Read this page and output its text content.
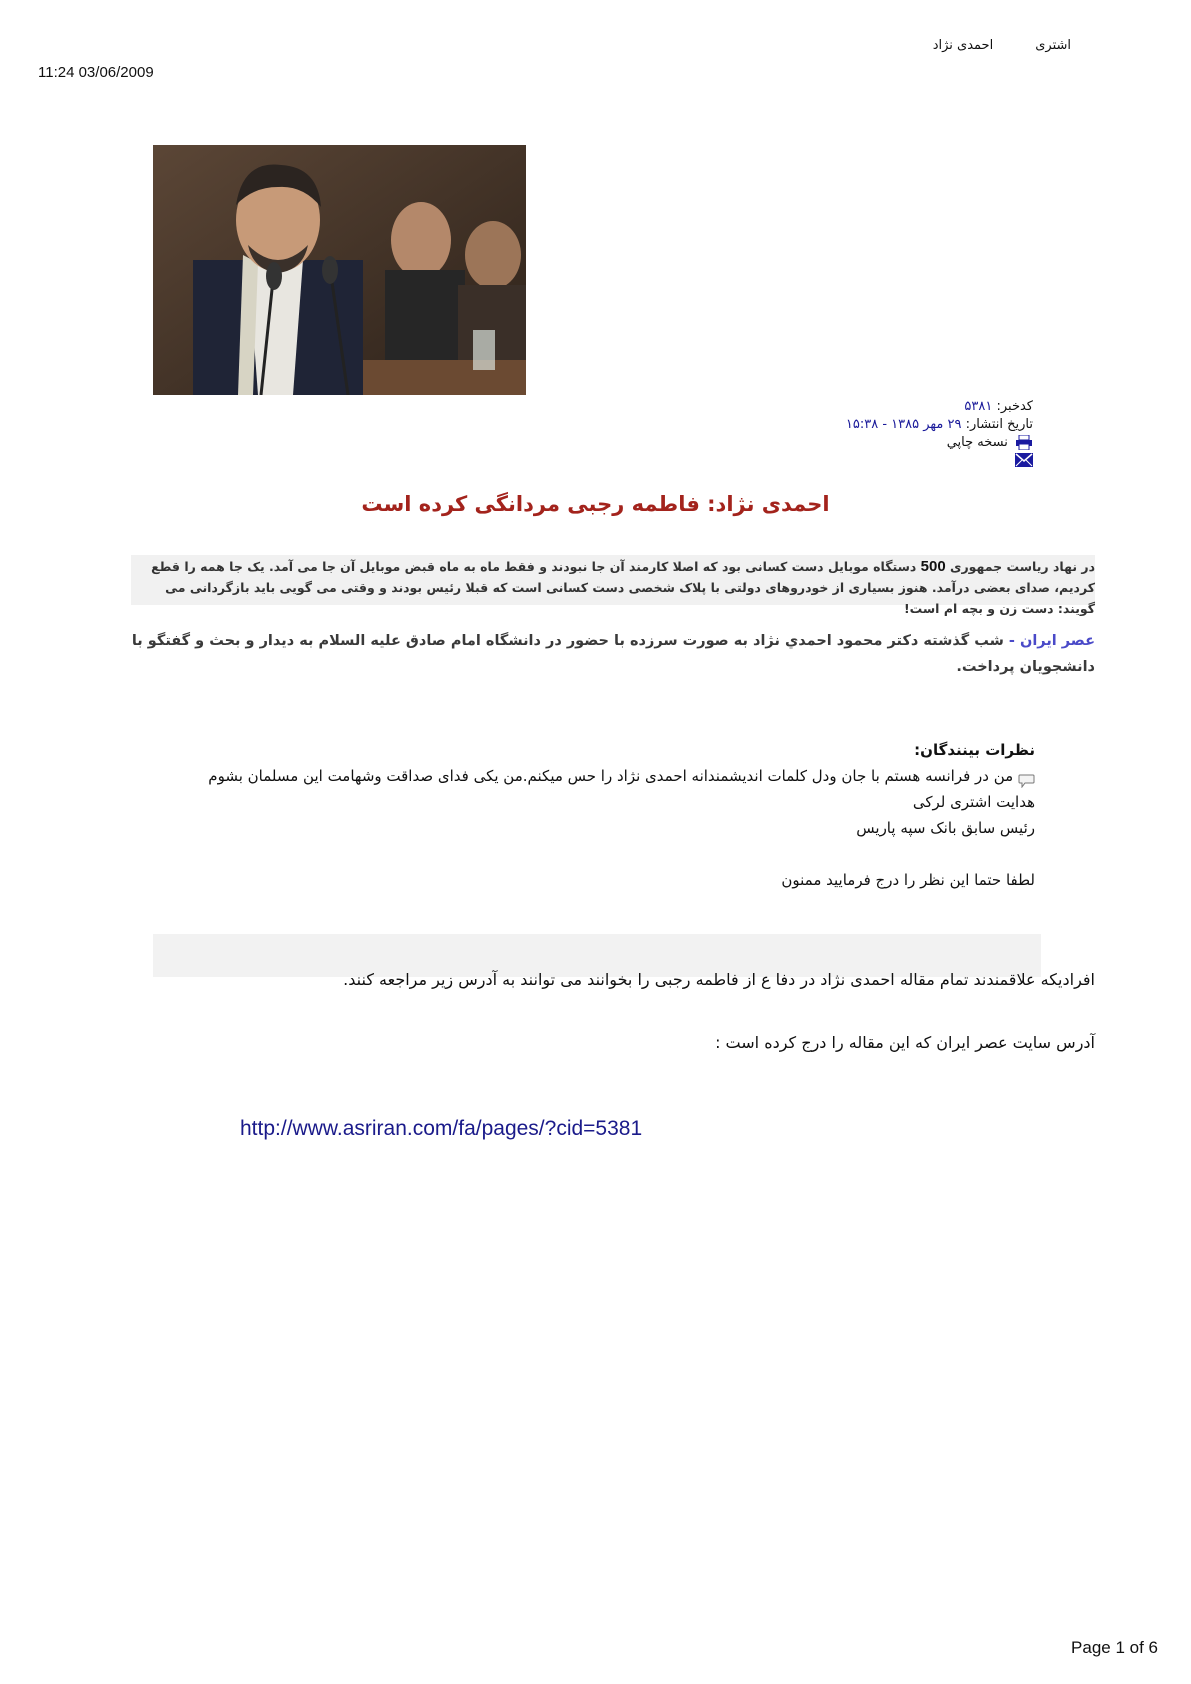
اشتری
احمدی نژاد
11:24 03/06/2009
کدخبر: ۵۳۸۱
تاریخ انتشار: ۲۹ مهر ۱۳۸۵ - ۱۵:۳۸
نسخه چاپي
احمدی نژاد: فاطمه رجبی مردانگی کرده است
در نهاد ریاست جمهوری 500 دستگاه موبایل دست کسانی بود که اصلا کارمند آن جا نبودند و فقط ماه به ماه قبض موبایل آن جا می آمد. یک جا همه را قطع کردیم، صدای بعضی درآمد. هنوز بسیاری از خودروهای دولتی با پلاک شخصی دست کسانی است که قبلا رئیس بودند و وقتی می گویی باید بازگردانی می گویند: دست زن و بچه ام است!
عصر ایران - شب گذشته دکتر محمود احمدي نژاد به صورت سرزده با حضور در دانشگاه امام صادق عليه السلام به ديدار و بحث و گفتگو با دانشجويان پرداخت.
نظرات بینندگان:
من در فرانسه هستم با جان ودل کلمات اندیشمندانه احمدی نژاد را حس میکنم.من یکی فدای صداقت وشهامت این مسلمان بشوم
هدایت اشتری لرکی
رئیس سابق بانک سپه پاریس
لطفا حتما این نظر را درج فرمایید ممنون
افرادیکه علاقمندند تمام مقاله احمدی نژاد در دفا ع از فاطمه رجبی را بخوانند می توانند به آدرس زیر مراجعه کنند.
آدرس سایت عصر ایران که این مقاله را درج کرده است :
http://www.asriran.com/fa/pages/?cid=5381
Page 1 of 6
